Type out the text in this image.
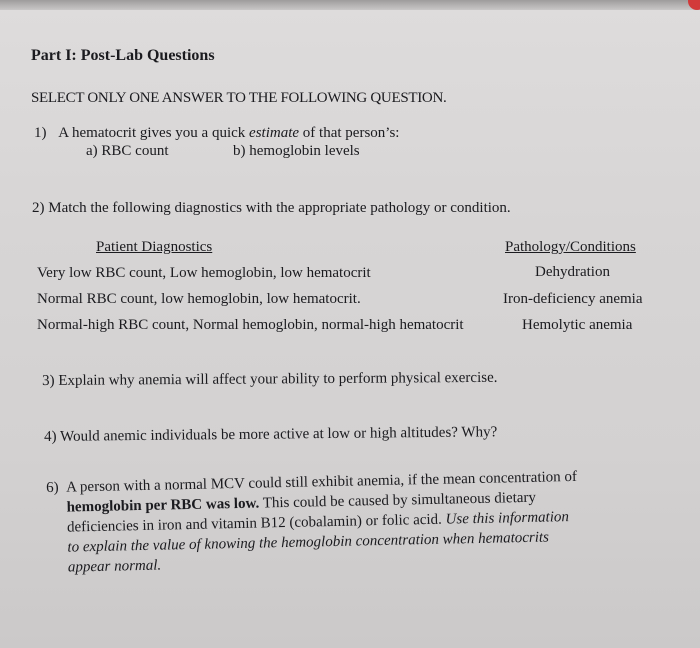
Part I: Post-Lab Questions
SELECT ONLY ONE ANSWER TO THE FOLLOWING QUESTION.
1) A hematocrit gives you a quick estimate of that person’s:
a) RBC count	b) hemoglobin levels
2) Match the following diagnostics with the appropriate pathology or condition.
Patient Diagnostics	Pathology/Conditions
Very low RBC count, Low hemoglobin, low hematocrit
Normal RBC count, low hemoglobin, low hematocrit.
Normal-high RBC count, Normal hemoglobin, normal-high hematocrit
Dehydration
Iron-deficiency anemia
Hemolytic anemia
3) Explain why anemia will affect your ability to perform physical exercise.
4) Would anemic individuals be more active at low or high altitudes? Why?
6) A person with a normal MCV could still exhibit anemia, if the mean concentration of
hemoglobin per RBC was low. This could be caused by simultaneous dietary
deficiencies in iron and vitamin B12 (cobalamin) or folic acid. Use this information
to explain the value of knowing the hemoglobin concentration when hematocrits
appear normal.
